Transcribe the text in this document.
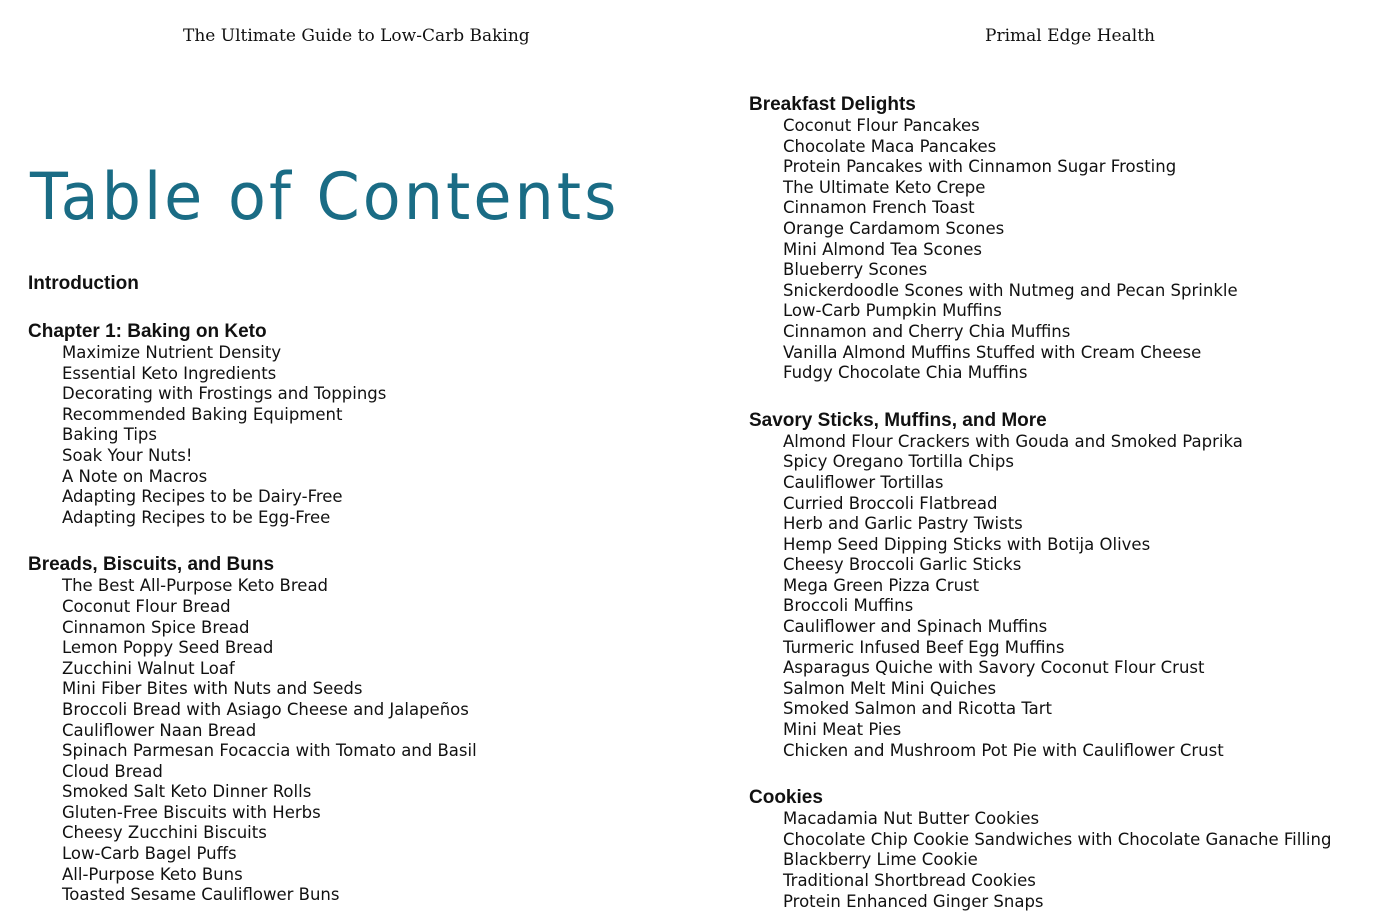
The Ultimate Guide to Low-Carb Baking
Table of Contents
Introduction
Chapter 1: Baking on Keto
Maximize Nutrient Density
Essential Keto Ingredients
Decorating with Frostings and Toppings
Recommended Baking Equipment
Baking Tips
Soak Your Nuts!
A Note on Macros
Adapting Recipes to be Dairy-Free
Adapting Recipes to be Egg-Free
Breads, Biscuits, and Buns
The Best All-Purpose Keto Bread
Coconut Flour Bread
Cinnamon Spice Bread
Lemon Poppy Seed Bread
Zucchini Walnut Loaf
Mini Fiber Bites with Nuts and Seeds
Broccoli Bread with Asiago Cheese and Jalapeños
Cauliflower Naan Bread
Spinach Parmesan Focaccia with Tomato and Basil
Cloud Bread
Smoked Salt Keto Dinner Rolls
Gluten-Free Biscuits with Herbs
Cheesy Zucchini Biscuits
Low-Carb Bagel Puffs
All-Purpose Keto Buns
Toasted Sesame Cauliflower Buns
Primal Edge Health
Breakfast Delights
Coconut Flour Pancakes
Chocolate Maca Pancakes
Protein Pancakes with Cinnamon Sugar Frosting
The Ultimate Keto Crepe
Cinnamon French Toast
Orange Cardamom Scones
Mini Almond Tea Scones
Blueberry Scones
Snickerdoodle Scones with Nutmeg and Pecan Sprinkle
Low-Carb Pumpkin Muffins
Cinnamon and Cherry Chia Muffins
Vanilla Almond Muffins Stuffed with Cream Cheese
Fudgy Chocolate Chia Muffins
Savory Sticks, Muffins, and More
Almond Flour Crackers with Gouda and Smoked Paprika
Spicy Oregano Tortilla Chips
Cauliflower Tortillas
Curried Broccoli Flatbread
Herb and Garlic Pastry Twists
Hemp Seed Dipping Sticks with Botija Olives
Cheesy Broccoli Garlic Sticks
Mega Green Pizza Crust
Broccoli Muffins
Cauliflower and Spinach Muffins
Turmeric Infused Beef Egg Muffins
Asparagus Quiche with Savory Coconut Flour Crust
Salmon Melt Mini Quiches
Smoked Salmon and Ricotta Tart
Mini Meat Pies
Chicken and Mushroom Pot Pie with Cauliflower Crust
Cookies
Macadamia Nut Butter Cookies
Chocolate Chip Cookie Sandwiches with Chocolate Ganache Filling
Blackberry Lime Cookie
Traditional Shortbread Cookies
Protein Enhanced Ginger Snaps
